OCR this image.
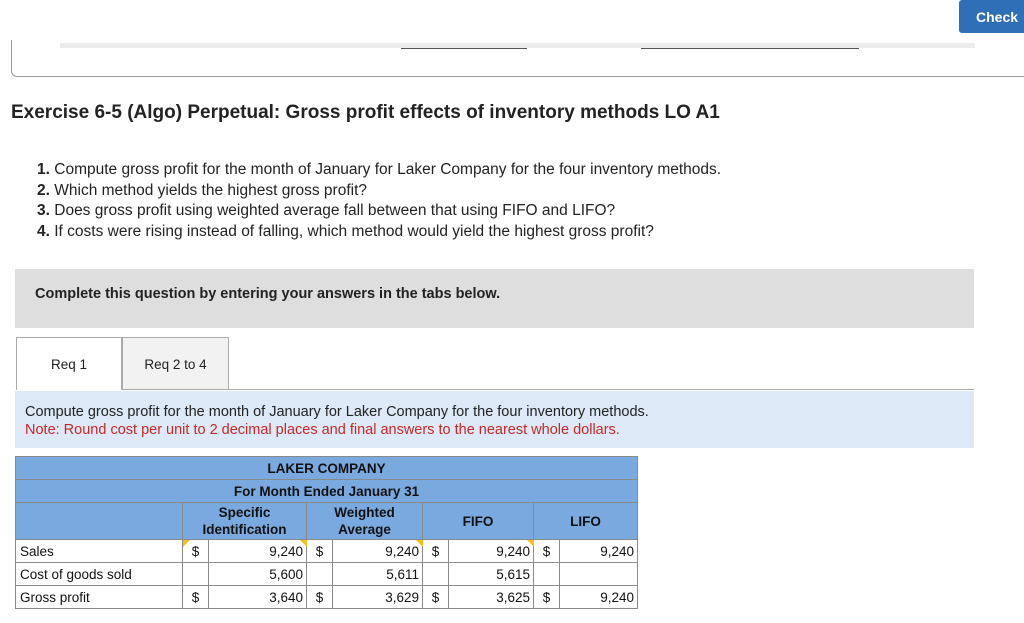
Check
Exercise 6-5 (Algo) Perpetual: Gross profit effects of inventory methods LO A1
1. Compute gross profit for the month of January for Laker Company for the four inventory methods.
2. Which method yields the highest gross profit?
3. Does gross profit using weighted average fall between that using FIFO and LIFO?
4. If costs were rising instead of falling, which method would yield the highest gross profit?
Complete this question by entering your answers in the tabs below.
Req 1	Req 2 to 4
Compute gross profit for the month of January for Laker Company for the four inventory methods.
Note: Round cost per unit to 2 decimal places and final answers to the nearest whole dollars.
LAKER COMPANY								
For Month Ended January 31								
	Specific Identification		Weighted Average		FIFO		LIFO	
Sales	$	9,240	$	9,240	$	9,240	$	9,240
Cost of goods sold		5,600		5,611		5,615		
Gross profit	$	3,640	$	3,629	$	3,625	$	9,240
